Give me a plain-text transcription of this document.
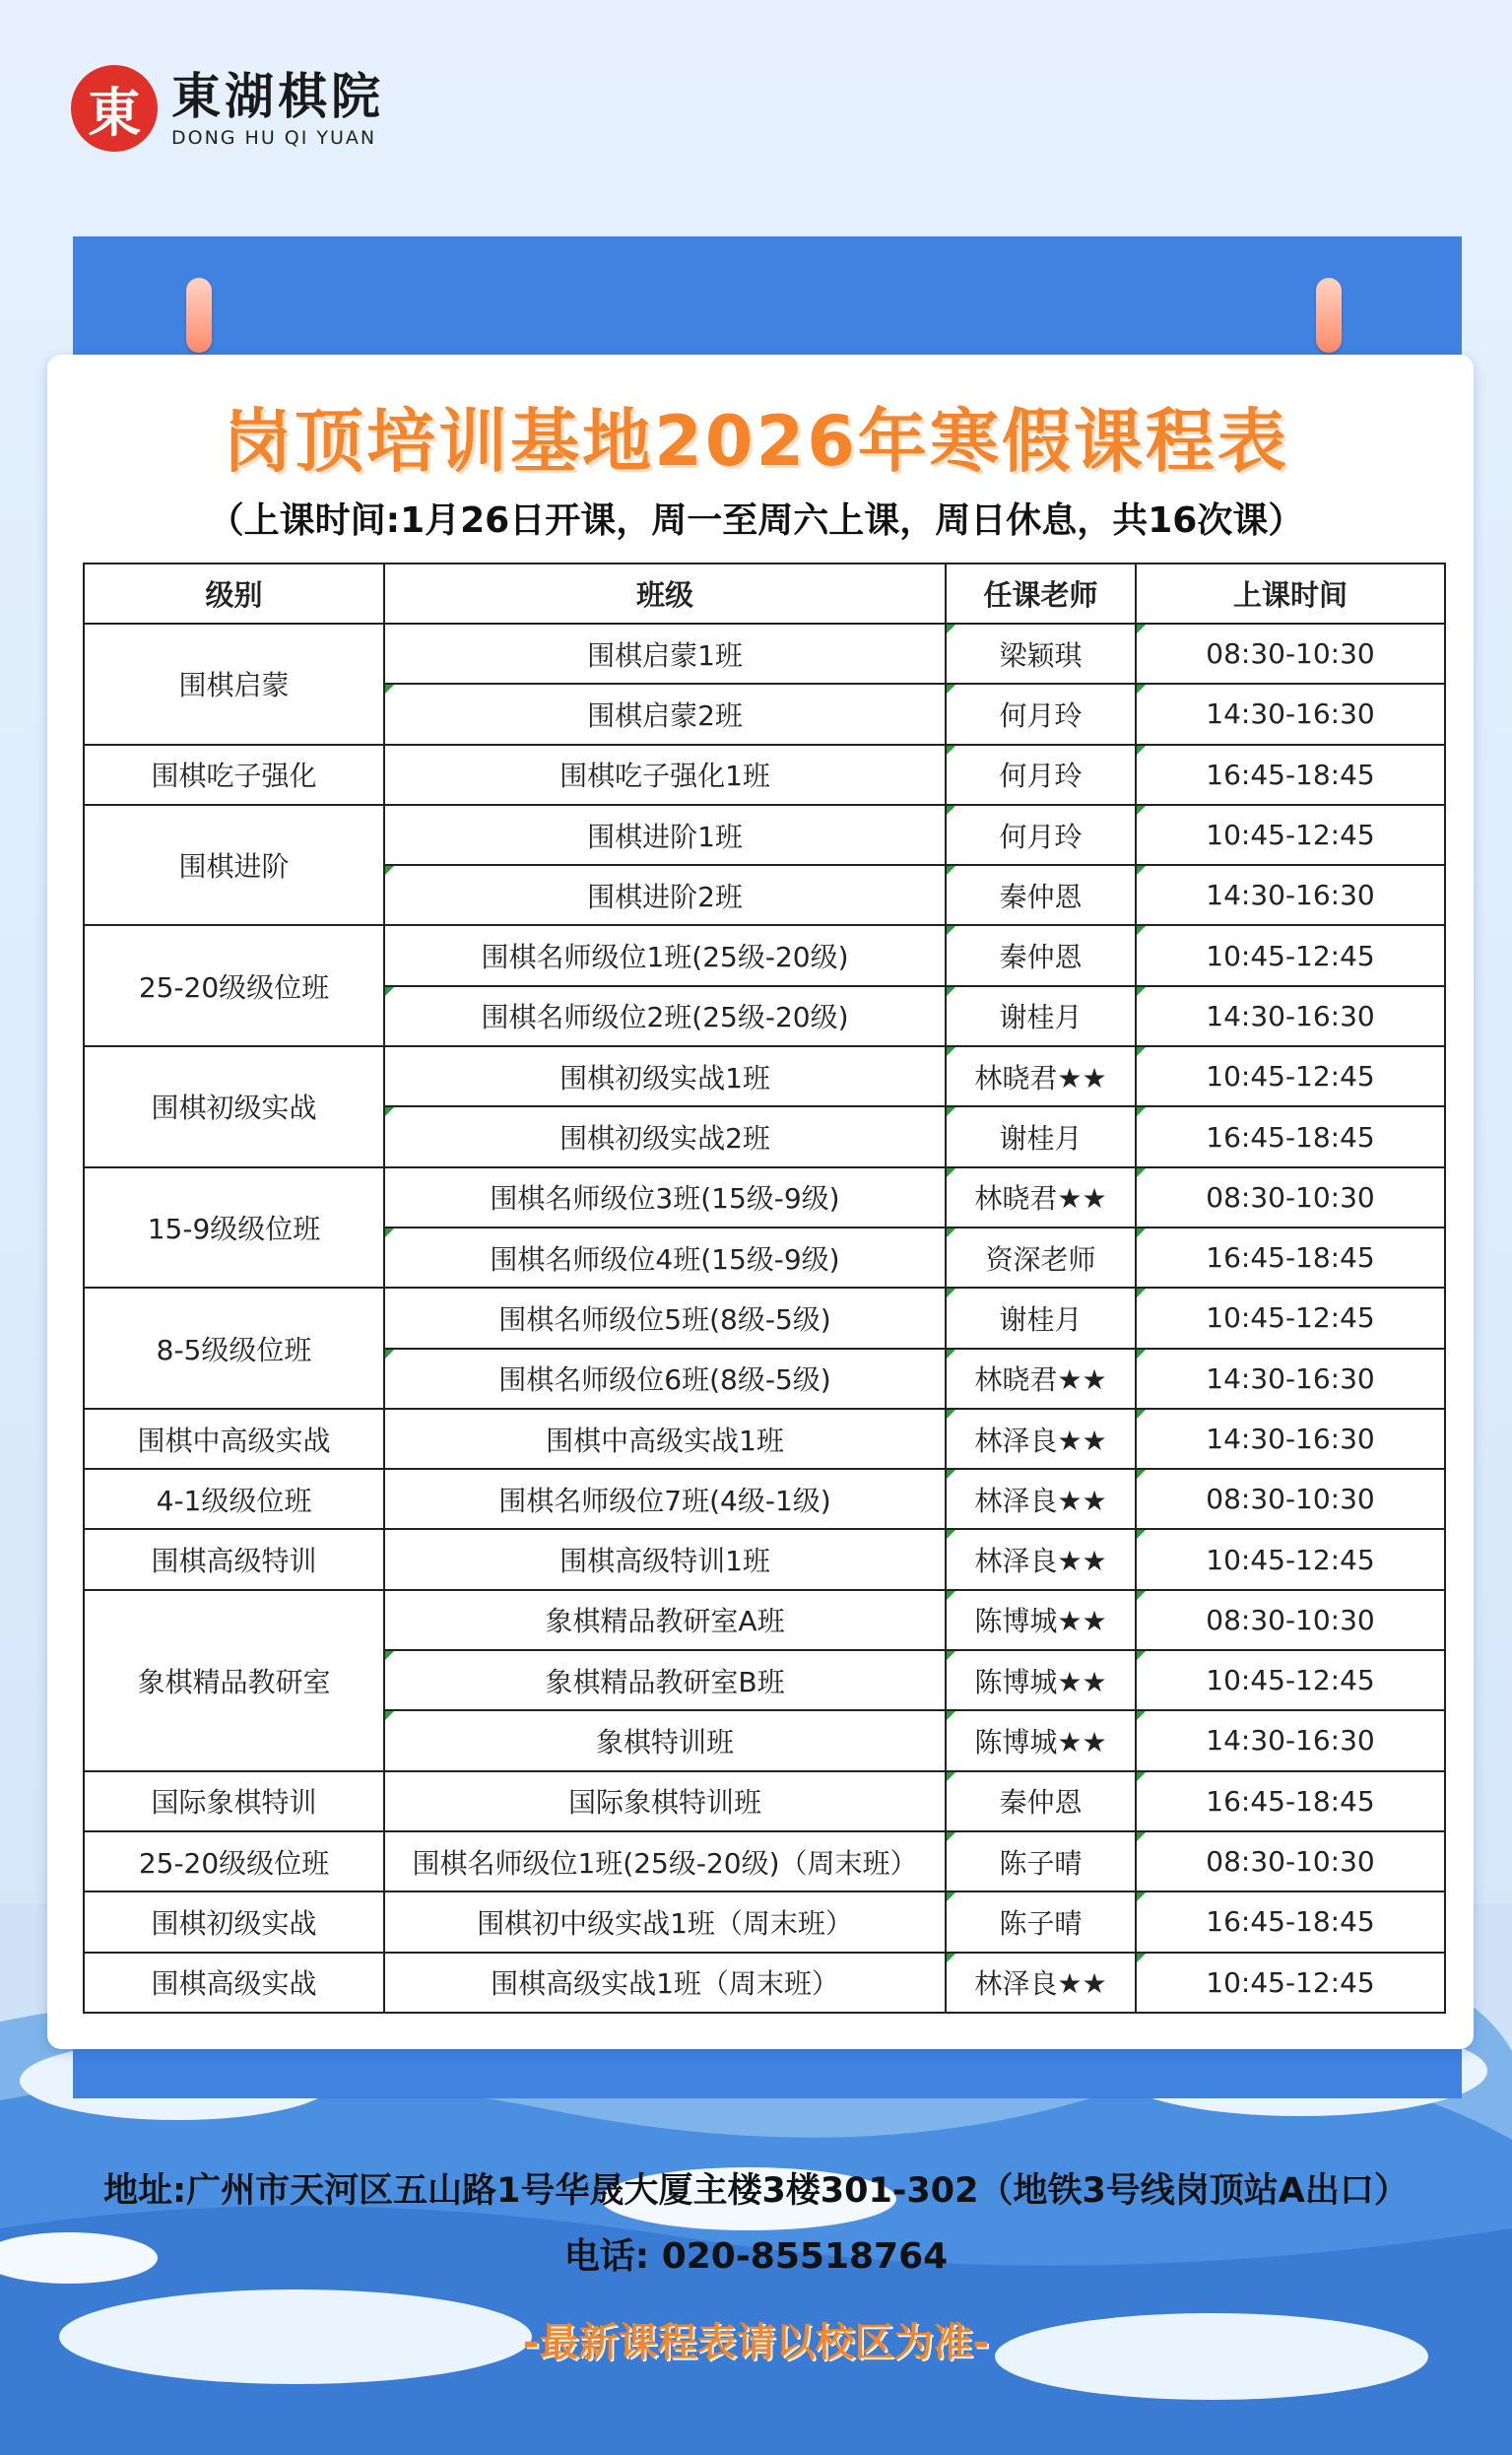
東 東湖棋院
DONG HU QI YUAN
岗顶培训基地2026年寒假课程表
（上课时间:1月26日开课，周一至周六上课，周日休息，共16次课）
级别	班级	任课老师	上课时间
围棋启蒙	围棋启蒙1班	梁颖琪	08:30-10:30
	围棋启蒙2班	何月玲	14:30-16:30
围棋吃子强化	围棋吃子强化1班	何月玲	16:45-18:45
围棋进阶	围棋进阶1班	何月玲	10:45-12:45
	围棋进阶2班	秦仲恩	14:30-16:30
25-20级级位班	围棋名师级位1班(25级-20级)	秦仲恩	10:45-12:45
	围棋名师级位2班(25级-20级)	谢桂月	14:30-16:30
围棋初级实战	围棋初级实战1班	林晓君★★	10:45-12:45
	围棋初级实战2班	谢桂月	16:45-18:45
15-9级级位班	围棋名师级位3班(15级-9级)	林晓君★★	08:30-10:30
	围棋名师级位4班(15级-9级)	资深老师	16:45-18:45
8-5级级位班	围棋名师级位5班(8级-5级)	谢桂月	10:45-12:45
	围棋名师级位6班(8级-5级)	林晓君★★	14:30-16:30
围棋中高级实战	围棋中高级实战1班	林泽良★★	14:30-16:30
4-1级级位班	围棋名师级位7班(4级-1级)	林泽良★★	08:30-10:30
围棋高级特训	围棋高级特训1班	林泽良★★	10:45-12:45
象棋精品教研室	象棋精品教研室A班	陈博城★★	08:30-10:30
	象棋精品教研室B班	陈博城★★	10:45-12:45
	象棋特训班	陈博城★★	14:30-16:30
国际象棋特训	国际象棋特训班	秦仲恩	16:45-18:45
25-20级级位班	围棋名师级位1班(25级-20级)（周末班）	陈子晴	08:30-10:30
围棋初级实战	围棋初中级实战1班（周末班）	陈子晴	16:45-18:45
围棋高级实战	围棋高级实战1班（周末班）	林泽良★★	10:45-12:45
地址:广州市天河区五山路1号华晟大厦主楼3楼301-302（地铁3号线岗顶站A出口）
电话: 020-85518764
-最新课程表请以校区为准-
